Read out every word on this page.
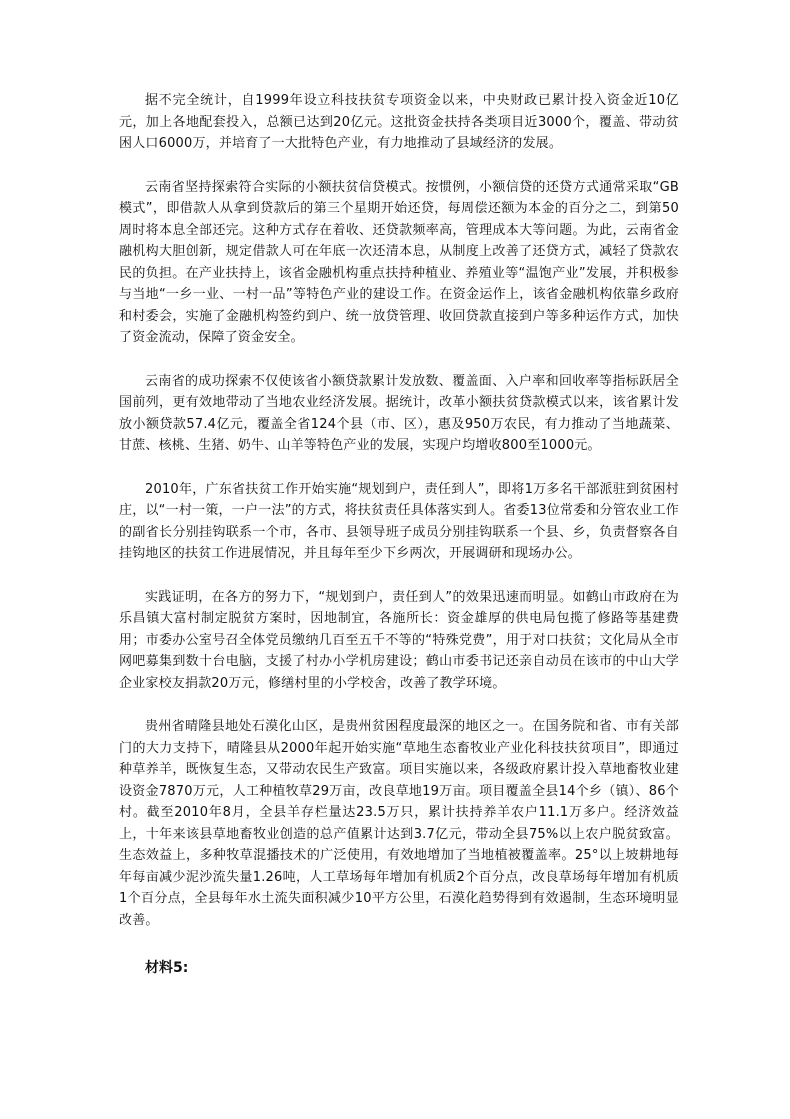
据不完全统计，自1999年设立科技扶贫专项资金以来，中央财政已累计投入资金近10亿元，加上各地配套投入，总额已达到20亿元。这批资金扶持各类项目近3000个，覆盖、带动贫困人口6000万，并培育了一大批特色产业，有力地推动了县域经济的发展。

云南省坚持探索符合实际的小额扶贫信贷模式。按惯例，小额信贷的还贷方式通常采取“GB模式”，即借款人从拿到贷款后的第三个星期开始还贷，每周偿还额为本金的百分之二，到第50周时将本息全部还完。这种方式存在着收、还贷款频率高，管理成本大等问题。为此，云南省金融机构大胆创新，规定借款人可在年底一次还清本息，从制度上改善了还贷方式，减轻了贷款农民的负担。在产业扶持上，该省金融机构重点扶持种植业、养殖业等“温饱产业”发展，并积极参与当地“一乡一业、一村一品”等特色产业的建设工作。在资金运作上，该省金融机构依靠乡政府和村委会，实施了金融机构签约到户、统一放贷管理、收回贷款直接到户等多种运作方式，加快了资金流动，保障了资金安全。

云南省的成功探索不仅使该省小额贷款累计发放数、覆盖面、入户率和回收率等指标跃居全国前列，更有效地带动了当地农业经济发展。据统计，改革小额扶贫贷款模式以来，该省累计发放小额贷款57.4亿元，覆盖全省124个县（市、区），惠及950万农民，有力推动了当地蔬菜、甘蔗、核桃、生猪、奶牛、山羊等特色产业的发展，实现户均增收800至1000元。

2010年，广东省扶贫工作开始实施“规划到户，责任到人”，即将1万多名干部派驻到贫困村庄，以“一村一策，一户一法”的方式，将扶贫责任具体落实到人。省委13位常委和分管农业工作的副省长分别挂钩联系一个市，各市、县领导班子成员分别挂钩联系一个县、乡，负责督察各自挂钩地区的扶贫工作进展情况，并且每年至少下乡两次，开展调研和现场办公。

实践证明，在各方的努力下，“规划到户，责任到人”的效果迅速而明显。如鹤山市政府在为乐昌镇大富村制定脱贫方案时，因地制宜，各施所长：资金雄厚的供电局包揽了修路等基建费用；市委办公室号召全体党员缴纳几百至五千不等的“特殊党费”，用于对口扶贫；文化局从全市网吧募集到数十台电脑，支援了村办小学机房建设；鹤山市委书记还亲自动员在该市的中山大学企业家校友捐款20万元，修缮村里的小学校舍，改善了教学环境。

贵州省晴隆县地处石漠化山区，是贵州贫困程度最深的地区之一。在国务院和省、市有关部门的大力支持下，晴隆县从2000年起开始实施“草地生态畜牧业产业化科技扶贫项目”，即通过种草养羊，既恢复生态，又带动农民生产致富。项目实施以来，各级政府累计投入草地畜牧业建设资金7870万元，人工种植牧草29万亩，改良草地19万亩。项目覆盖全县14个乡（镇）、86个村。截至2010年8月，全县羊存栏量达23.5万只，累计扶持养羊农户11.1万多户。经济效益上，十年来该县草地畜牧业创造的总产值累计达到3.7亿元，带动全县75%以上农户脱贫致富。生态效益上，多种牧草混播技术的广泛使用，有效地增加了当地植被覆盖率。25°以上坡耕地每年每亩减少泥沙流失量1.26吨，人工草场每年增加有机质2个百分点，改良草场每年增加有机质1个百分点，全县每年水土流失面积减少10平方公里，石漠化趋势得到有效遏制，生态环境明显改善。

材料5:
